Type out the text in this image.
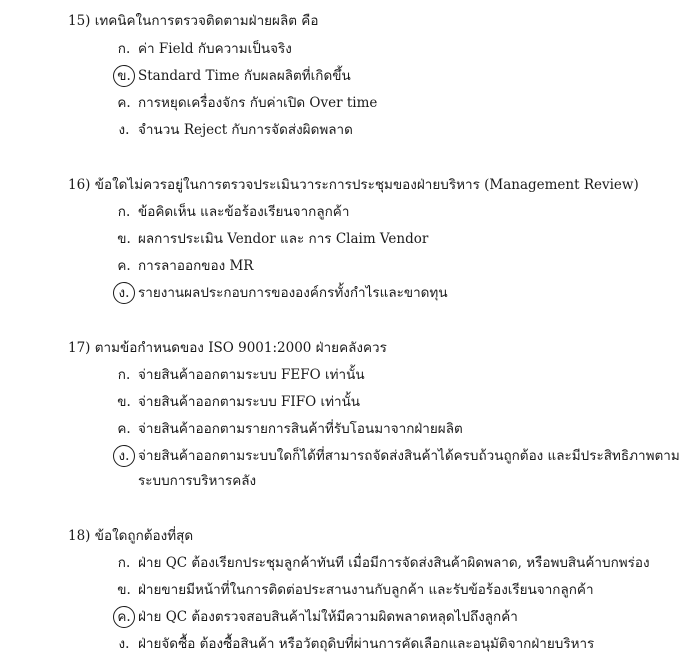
15) เทคนิคในการตรวจติดตามฝ่ายผลิต คือ
ก. ค่า Field กับความเป็นจริง
ข. Standard Time กับผลผลิตที่เกิดขึ้น
ค. การหยุดเครื่องจักร กับค่าเปิด Over time
ง. จำนวน Reject กับการจัดส่งผิดพลาด
16) ข้อใดไม่ควรอยู่ในการตรวจประเมินวาระการประชุมของฝ่ายบริหาร (Management Review)
ก. ข้อคิดเห็น และข้อร้องเรียนจากลูกค้า
ข. ผลการประเมิน Vendor และ การ Claim Vendor
ค. การลาออกของ MR
ง. รายงานผลประกอบการขององค์กรทั้งกำไรและขาดทุน
17) ตามข้อกำหนดของ ISO 9001:2000 ฝ่ายคลังควร
ก. จ่ายสินค้าออกตามระบบ FEFO เท่านั้น
ข. จ่ายสินค้าออกตามระบบ FIFO เท่านั้น
ค. จ่ายสินค้าออกตามรายการสินค้าที่รับโอนมาจากฝ่ายผลิต
ง. จ่ายสินค้าออกตามระบบใดก็ได้ที่สามารถจัดส่งสินค้าได้ครบถ้วนถูกต้อง และมีประสิทธิภาพตาม
ระบบการบริหารคลัง
18) ข้อใดถูกต้องที่สุด
ก. ฝ่าย QC ต้องเรียกประชุมลูกค้าทันที เมื่อมีการจัดส่งสินค้าผิดพลาด, หรือพบสินค้าบกพร่อง
ข. ฝ่ายขายมีหน้าที่ในการติดต่อประสานงานกับลูกค้า และรับข้อร้องเรียนจากลูกค้า
ค. ฝ่าย QC ต้องตรวจสอบสินค้าไม่ให้มีความผิดพลาดหลุดไปถึงลูกค้า
ง. ฝ่ายจัดซื้อ ต้องซื้อสินค้า หรือวัตถุดิบที่ผ่านการคัดเลือกและอนุมัติจากฝ่ายบริหาร
